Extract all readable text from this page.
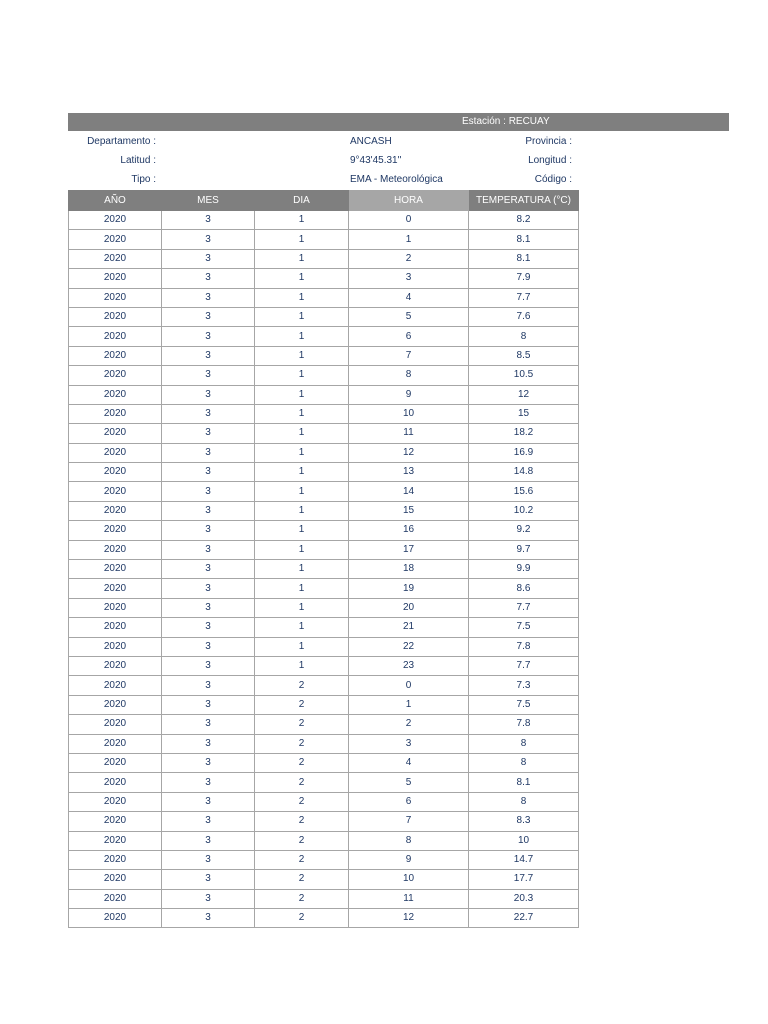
Estación : RECUAY
Departamento :	ANCASH	Provincia :
Latitud :	9°43'45.31''	Longitud :
Tipo :	EMA - Meteorológica	Código :
AÑO	MES	DIA	HORA	TEMPERATURA (°C)
2020	3	1	0	8.2
2020	3	1	1	8.1
2020	3	1	2	8.1
2020	3	1	3	7.9
2020	3	1	4	7.7
2020	3	1	5	7.6
2020	3	1	6	8
2020	3	1	7	8.5
2020	3	1	8	10.5
2020	3	1	9	12
2020	3	1	10	15
2020	3	1	11	18.2
2020	3	1	12	16.9
2020	3	1	13	14.8
2020	3	1	14	15.6
2020	3	1	15	10.2
2020	3	1	16	9.2
2020	3	1	17	9.7
2020	3	1	18	9.9
2020	3	1	19	8.6
2020	3	1	20	7.7
2020	3	1	21	7.5
2020	3	1	22	7.8
2020	3	1	23	7.7
2020	3	2	0	7.3
2020	3	2	1	7.5
2020	3	2	2	7.8
2020	3	2	3	8
2020	3	2	4	8
2020	3	2	5	8.1
2020	3	2	6	8
2020	3	2	7	8.3
2020	3	2	8	10
2020	3	2	9	14.7
2020	3	2	10	17.7
2020	3	2	11	20.3
2020	3	2	12	22.7
